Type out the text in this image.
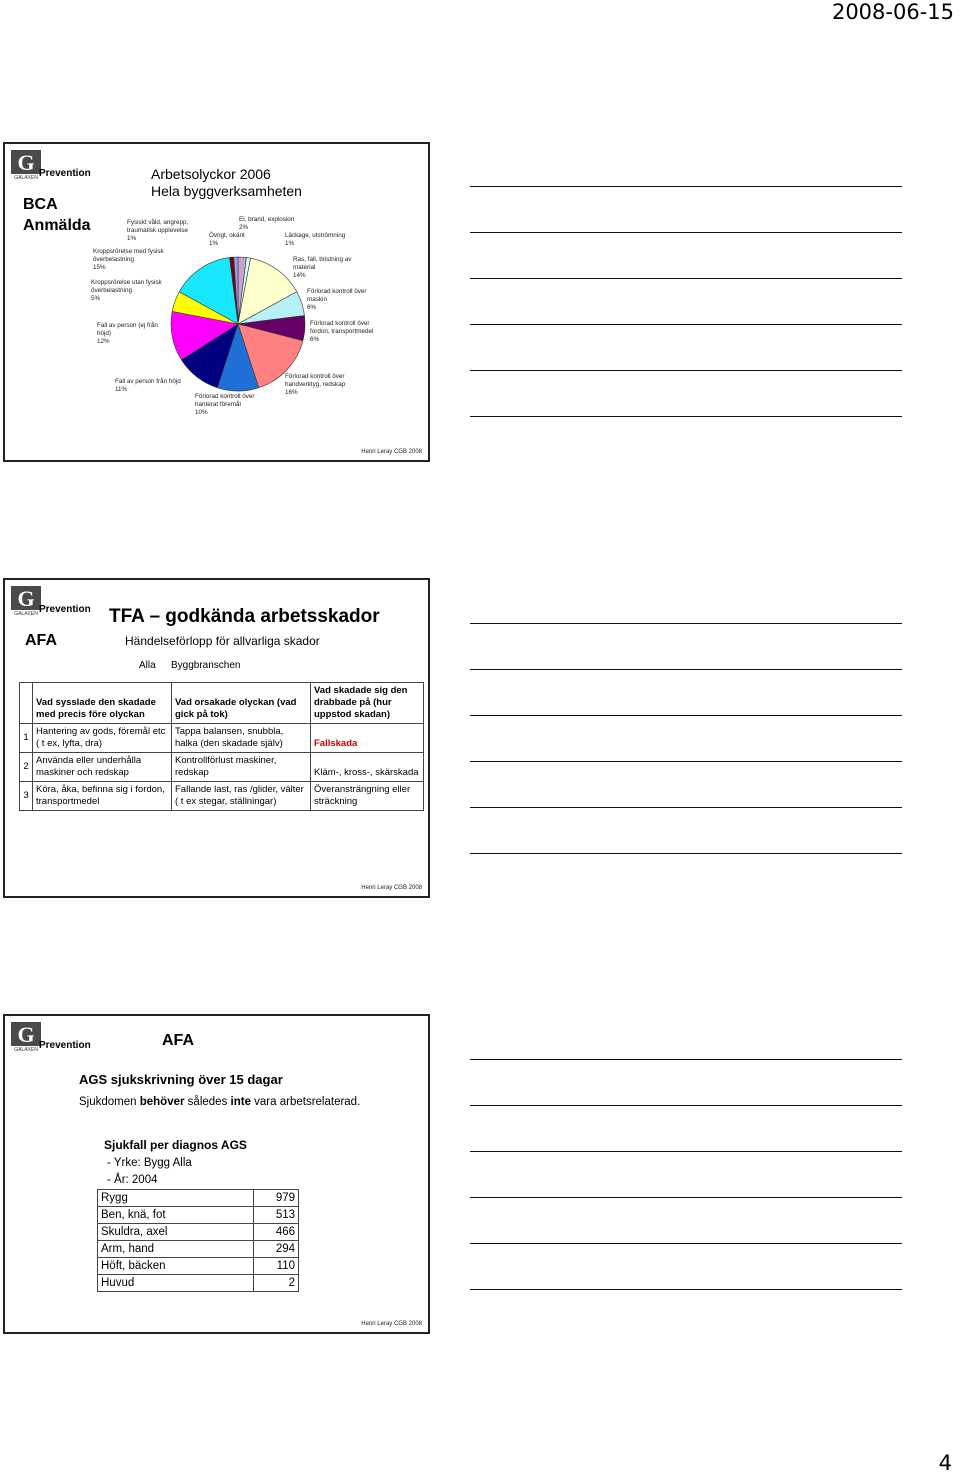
2008-06-15
G
GALAXEN Prevention
BCA
Anmälda
Arbetsolyckor 2006
Hela byggverksamheten
El, brand, explosion
2%
Läckage, utströmning
1%
Ras, fall, bristning av
material
14%
Förlorad kontroll över
maskin
6%
Förlorad kontroll över
fordon, transportmedel
6%
Förlorad kontroll över
handverktyg, redskap
16%
Förlorad kontroll över
hanterat föremål
10%
Fall av person från höjd
11%
Fall av person (ej från
höjd)
12%
Kroppsrörelse utan fysisk
överbelastning
5%
Kroppsrörelse med fysisk
överbelastning
15%
Fysiskt våld, angrepp,
traumatisk upplevelse
1%	Övrigt, okänt
1%
Henri Leray CGB 2008
G
GALAXEN Prevention
AFA
TFA – godkända arbetsskador
Händelseförlopp för allvarliga skador
Alla Byggbranschen
	Vad sysslade den skadade med precis före olyckan	Vad orsakade olyckan (vad gick på tok)	Vad skadade sig den drabbade på (hur uppstod skadan)
1	Hantering av gods, föremål etc ( t ex, lyfta, dra)	Tappa balansen, snubbla, halka (den skadade själv)	Fallskada
2	Använda eller underhålla maskiner och redskap	Kontrollförlust maskiner, redskap	Kläm-, kross-, skärskada
3	Köra, åka, befinna sig i fordon, transportmedel	Fallande last, ras /glider, välter ( t ex stegar, ställningar)	Överansträngning eller sträckning
Henri Leray CGB 2008
G
GALAXEN Prevention	AFA
AGS sjukskrivning över 15 dagar
Sjukdomen behöver således inte vara arbetsrelaterad.
Sjukfall per diagnos AGS
- Yrke: Bygg Alla
- År: 2004
Rygg	979
Ben, knä, fot	513
Skuldra, axel	466
Arm, hand	294
Höft, bäcken	110
Huvud	2
Henri Leray CGB 2008
4
